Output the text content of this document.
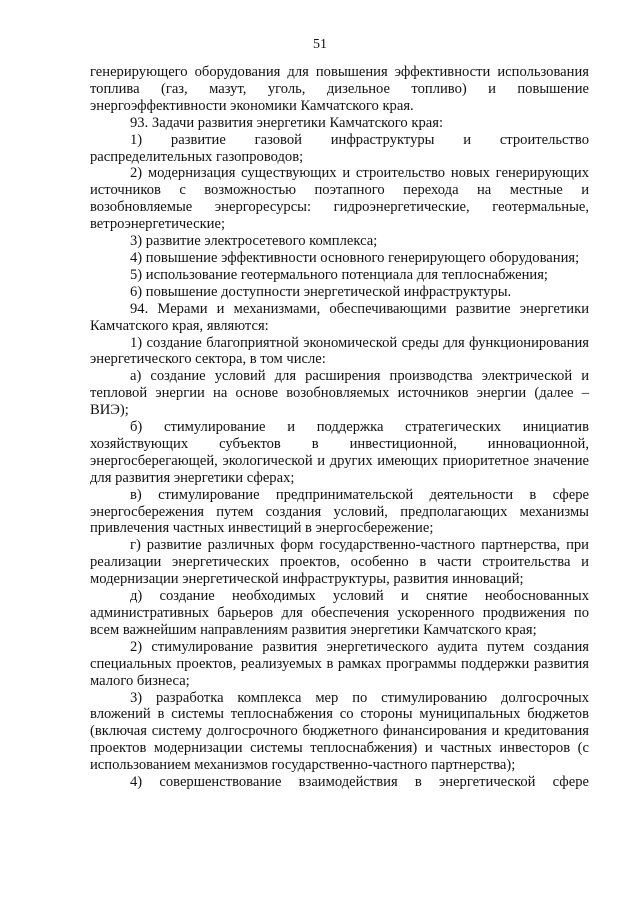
51

генерирующего оборудования для повышения эффективности использования топлива (газ, мазут, уголь, дизельное топливо) и повышение энергоэффективности экономики Камчатского края.

93. Задачи развития энергетики Камчатского края:

1) развитие газовой инфраструктуры и строительство распределительных газопроводов;

2) модернизация существующих и строительство новых генерирующих источников с возможностью поэтапного перехода на местные и возобновляемые энергоресурсы: гидроэнергетические, геотермальные, ветроэнергетические;

3) развитие электросетевого комплекса;

4) повышение эффективности основного генерирующего оборудования;

5) использование геотермального потенциала для теплоснабжения;

6) повышение доступности энергетической инфраструктуры.

94. Мерами и механизмами, обеспечивающими развитие энергетики Камчатского края, являются:

1) создание благоприятной экономической среды для функционирования энергетического сектора, в том числе:

а) создание условий для расширения производства электрической и тепловой энергии на основе возобновляемых источников энергии (далее – ВИЭ);

б) стимулирование и поддержка стратегических инициатив хозяйствующих субъектов в инвестиционной, инновационной, энергосберегающей, экологической и других имеющих приоритетное значение для развития энергетики сферах;

в) стимулирование предпринимательской деятельности в сфере энергосбережения путем создания условий, предполагающих механизмы привлечения частных инвестиций в энергосбережение;

г) развитие различных форм государственно-частного партнерства, при реализации энергетических проектов, особенно в части строительства и модернизации энергетической инфраструктуры, развития инноваций;

д) создание необходимых условий и снятие необоснованных административных барьеров для обеспечения ускоренного продвижения по всем важнейшим направлениям развития энергетики Камчатского края;

2) стимулирование развития энергетического аудита путем создания специальных проектов, реализуемых в рамках программы поддержки развития малого бизнеса;

3) разработка комплекса мер по стимулированию долгосрочных вложений в системы теплоснабжения со стороны муниципальных бюджетов (включая систему долгосрочного бюджетного финансирования и кредитования проектов модернизации системы теплоснабжения) и частных инвесторов (с использованием механизмов государственно-частного партнерства);

4) совершенствование взаимодействия в энергетической сфере
